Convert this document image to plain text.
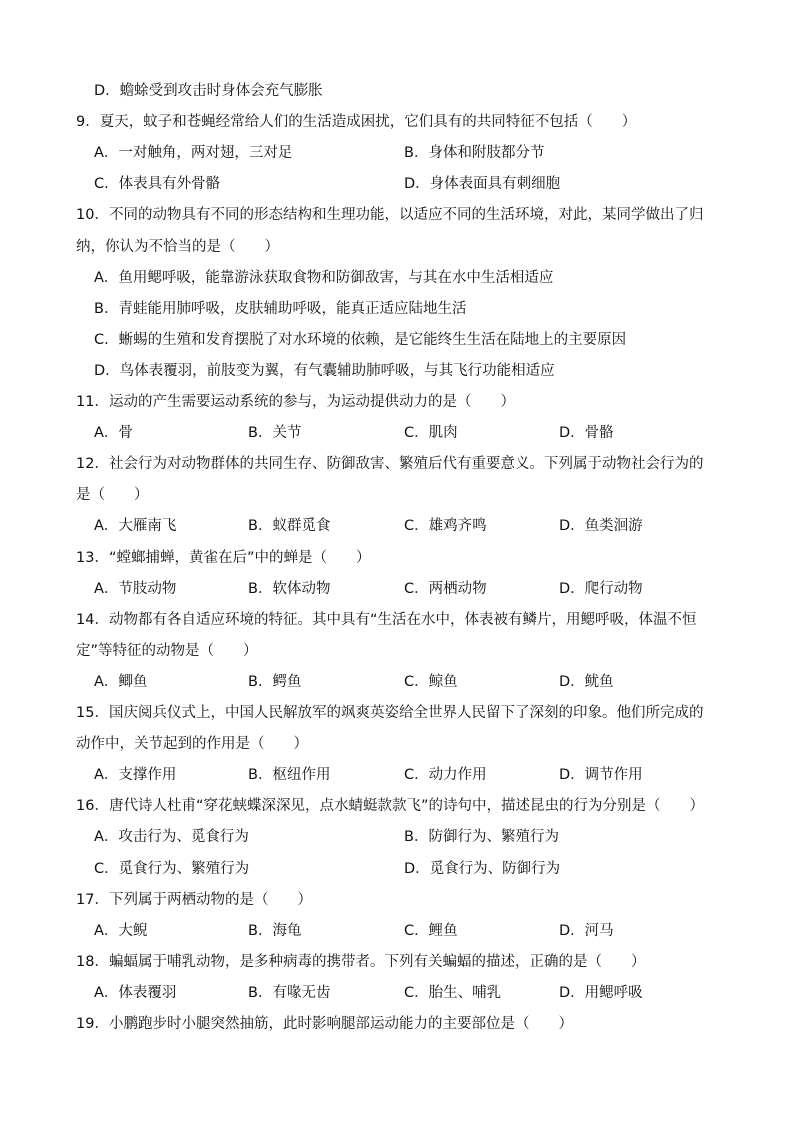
D．蟾蜍受到攻击时身体会充气膨胀
9．夏天，蚊子和苍蝇经常给人们的生活造成困扰，它们具有的共同特征不包括（　　）
A．一对触角，两对翅，三对足	B．身体和附肢都分节
C．体表具有外骨骼	D．身体表面具有刺细胞
10．不同的动物具有不同的形态结构和生理功能，以适应不同的生活环境，对此，某同学做出了归
纳，你认为不恰当的是（　　）
A．鱼用鳃呼吸，能靠游泳获取食物和防御敌害，与其在水中生活相适应
B．青蛙能用肺呼吸，皮肤辅助呼吸，能真正适应陆地生活
C．蜥蜴的生殖和发育摆脱了对水环境的依赖，是它能终生生活在陆地上的主要原因
D．鸟体表覆羽，前肢变为翼，有气囊辅助肺呼吸，与其飞行功能相适应
11．运动的产生需要运动系统的参与，为运动提供动力的是（　　）
A．骨	B．关节	C．肌肉	D．骨骼
12．社会行为对动物群体的共同生存、防御敌害、繁殖后代有重要意义。下列属于动物社会行为的
是（　　）
A．大雁南飞	B．蚁群觅食	C．雄鸡齐鸣	D．鱼类洄游
13．“螳螂捕蝉，黄雀在后”中的蝉是（　　）
A．节肢动物	B．软体动物	C．两栖动物	D．爬行动物
14．动物都有各自适应环境的特征。其中具有“生活在水中，体表被有鳞片，用鳃呼吸，体温不恒
定”等特征的动物是（　　）
A．鲫鱼	B．鳄鱼	C．鲸鱼	D．鱿鱼
15．国庆阅兵仪式上，中国人民解放军的飒爽英姿给全世界人民留下了深刻的印象。他们所完成的
动作中，关节起到的作用是（　　）
A．支撑作用	B．枢纽作用	C．动力作用	D．调节作用
16．唐代诗人杜甫“穿花蛱蝶深深见，点水蜻蜓款款飞”的诗句中，描述昆虫的行为分别是（　　）
A．攻击行为、觅食行为	B．防御行为、繁殖行为
C．觅食行为、繁殖行为	D．觅食行为、防御行为
17．下列属于两栖动物的是（　　）
A．大鲵	B．海龟	C．鲤鱼	D．河马
18．蝙蝠属于哺乳动物，是多种病毒的携带者。下列有关蝙蝠的描述，正确的是（　　）
A．体表覆羽	B．有喙无齿	C．胎生、哺乳	D．用鳃呼吸
19．小鹏跑步时小腿突然抽筋，此时影响腿部运动能力的主要部位是（　　）
